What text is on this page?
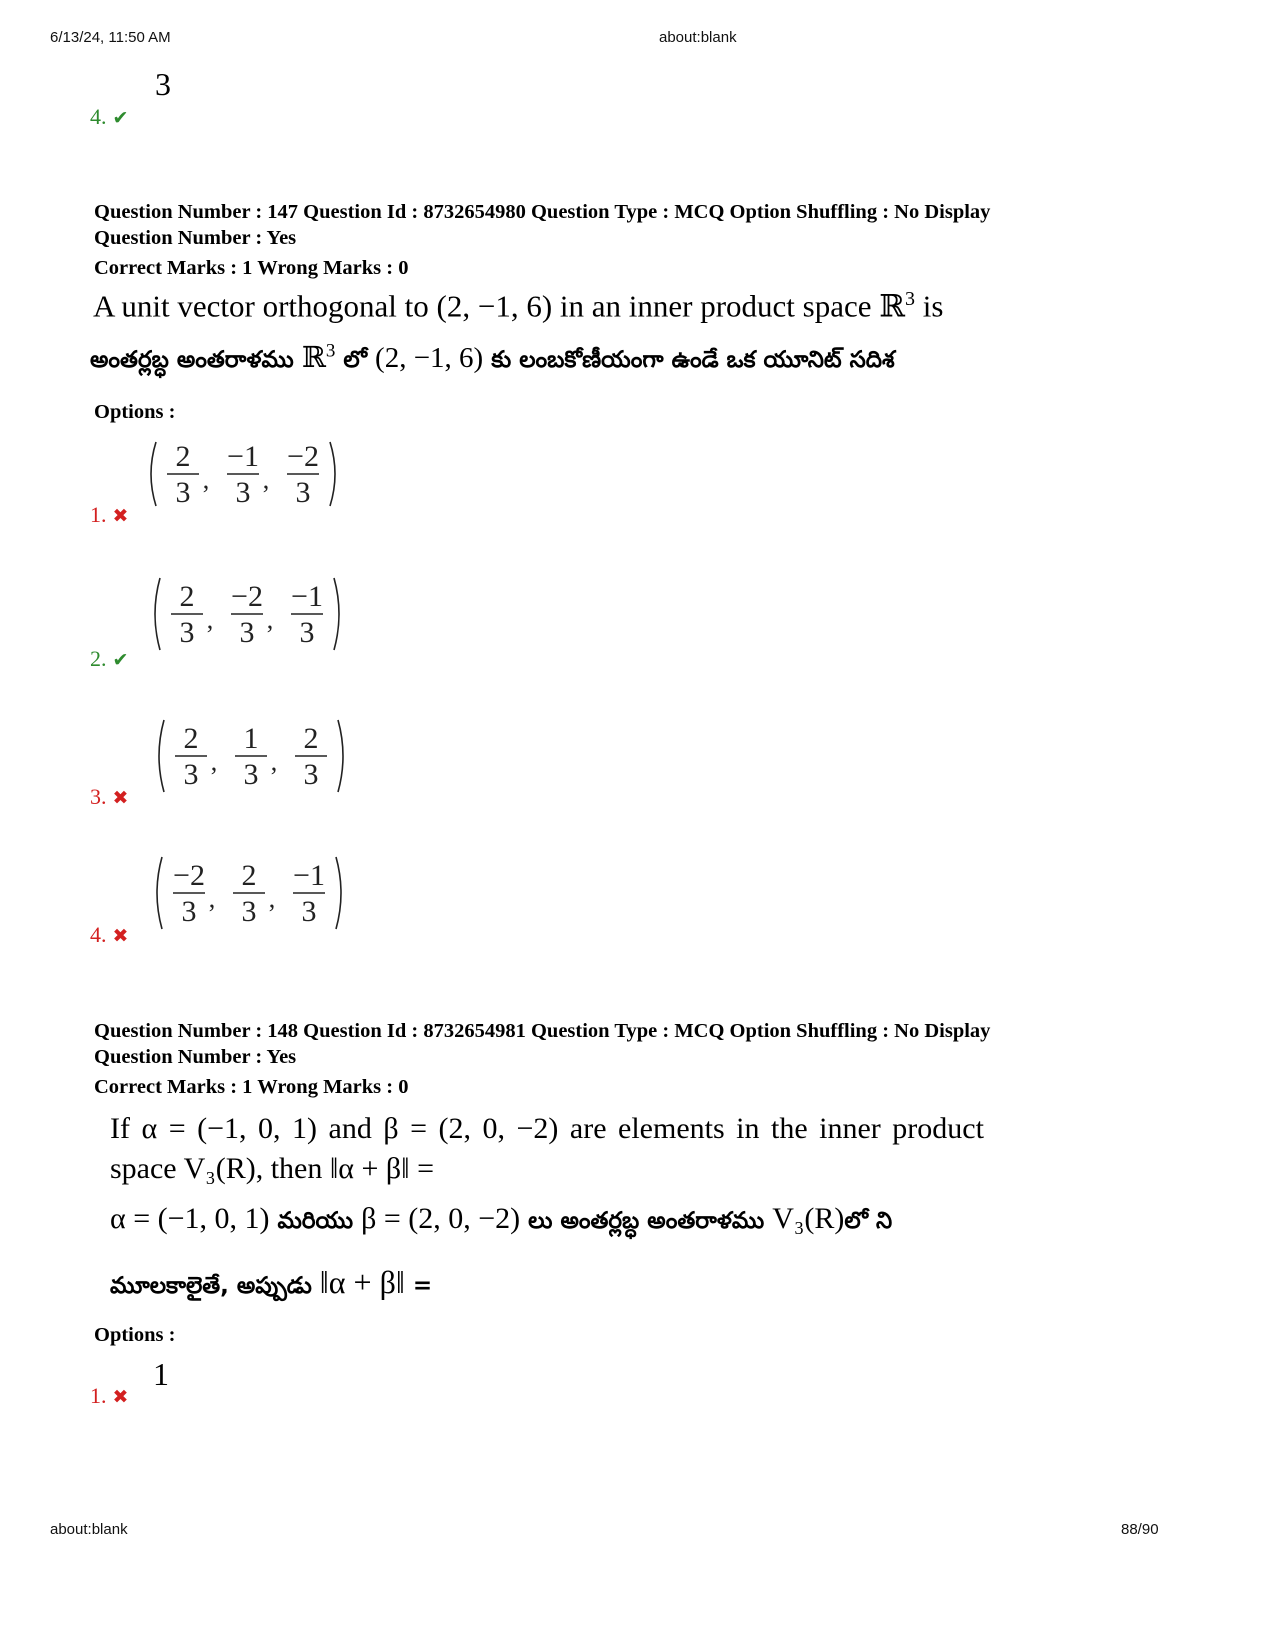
6/13/24, 11:50 AM	about:blank
3
4. ✔
Question Number : 147 Question Id : 8732654980 Question Type : MCQ Option Shuffling : No Display
Question Number : Yes
Correct Marks : 1 Wrong Marks : 0
A unit vector orthogonal to (2, −1, 6) in an inner product space ℝ$^3$ is
అంతర్లబ్ధ అంతరాళము ℝ$^3$ లో (2, −1, 6) కు లంబకోణీయంగా ఉండే ఒక యూనిట్ సదిశ
Options :
2
3 ,
−1
3 ,
−2
3
1. ✖
2
3 ,
−2
3 ,
−1
3
2. ✔
2
3 ,
1
3 ,
2
3
3. ✖
−2
3 ,
2
3 ,
−1
3
4. ✖
Question Number : 148 Question Id : 8732654981 Question Type : MCQ Option Shuffling : No Display
Question Number : Yes
Correct Marks : 1 Wrong Marks : 0
If α = (−1, 0, 1) and β = (2, 0, −2) are elements in the inner product
space V₃(R), then ‖α + β‖ =
α = (−1, 0, 1) మరియు β = (2, 0, −2) లు అంతర్లబ్ధ అంతరాళము V₃(R)లో ని
మూలకాలైతే, అప్పుడు ‖α + β‖ =
Options :
1
1. ✖
about:blank	88/90
